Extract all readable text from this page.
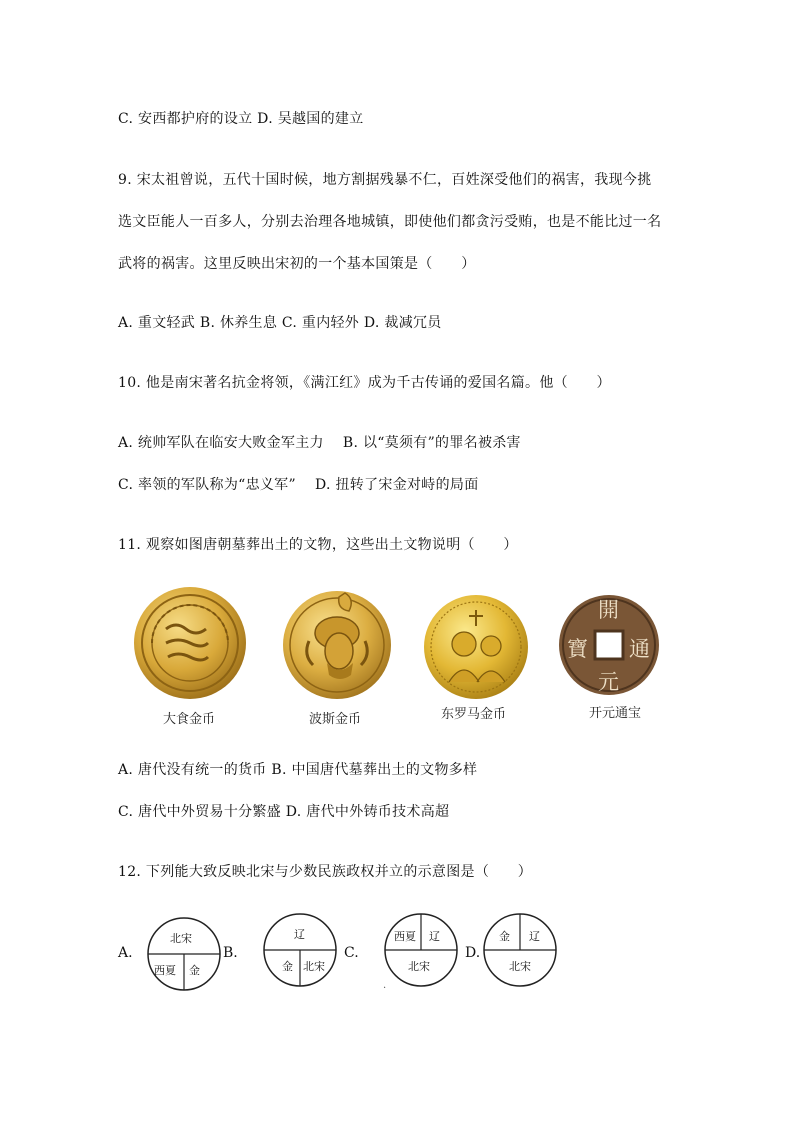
C. 安西都护府的设立 D. 吴越国的建立
9. 宋太祖曾说，五代十国时候，地方割据残暴不仁，百姓深受他们的祸害，我现今挑
选文臣能人一百多人，分别去治理各地城镇，即使他们都贪污受贿，也是不能比过一名
武将的祸害。这里反映出宋初的一个基本国策是（　　）
A. 重文轻武 B. 休养生息 C. 重内轻外 D. 裁减冗员
10. 他是南宋著名抗金将领，《满江红》成为千古传诵的爱国名篇。他（　　）
A. 统帅军队在临安大败金军主力　 B. 以“莫须有”的罪名被杀害
C. 率领的军队称为“忠义军”　 D. 扭转了宋金对峙的局面
11. 观察如图唐朝墓葬出土的文物，这些出土文物说明（　　）
大食金币	波斯金币	东罗马金币
開
通
元
寶
开元通宝
A. 唐代没有统一的货币 B. 中国唐代墓葬出土的文物多样
C. 唐代中外贸易十分繁盛 D. 唐代中外铸币技术高超
12. 下列能大致反映北宋与少数民族政权并立的示意图是（　　）
A.
北宋
西夏 金
B.
辽
金 北宋
C.
西夏 辽
北宋
D.
金 辽
北宋
.
